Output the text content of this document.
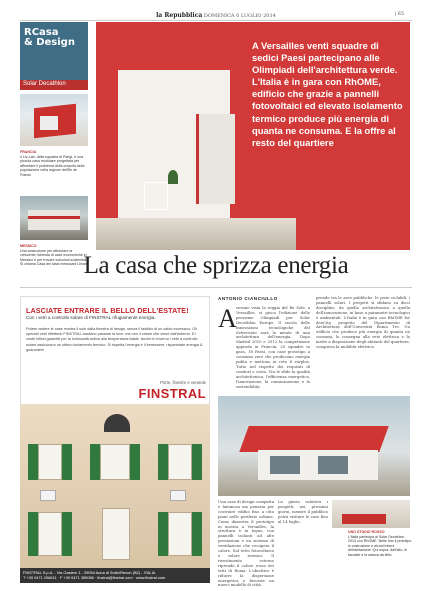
la Repubblica DOMENICA 6 LUGLIO 2014	| 65
RCasa
& Design
Solar Decathlon
FRANCIA
Il Liv-Lab, della squadra di Parigi, è una piccola casa modulare progettata per affrontare il problema della crescita della popolazione nella regione dell'Île de France
MESSICO
Una costruzione per affrontare la crescente richiesta di case economiche in Messico e per trovare soluzioni sostenibili. Si chiama Casa dei tassi messicani Umani
A Versailles venti squadre di sedici Paesi partecipano alle Olimpiadi dell'architettura verde. L'Italia è in gara con RhOME, edificio che grazie a pannelli fotovoltaici ed elevato isolamento termico produce più energia di quanta ne consuma. E la offre al resto del quartiere
La casa che sprizza energia
LASCIATE ENTRARE IL BELLO DELL'ESTATE!
Con i vetri a controllo solare di FINSTRAL rifugiamente energia.
Potete vedere le case mostra il sole dalla finestra di design, senza il fastidio di un caldo eccessivo. Gli speciali vetri riflettenti FINSTRAL lasciano passare la luce, ma non il calore che viene dall'esterno. E i vostri infissi garantiti per la luminosità estiva alla temperatura fatale. Anche in inverno i vetri a controllo solare assicurano un ottimo isolamento termico. Si rispetta l'energia e il benessere, risparmiate energia & guarantee!
Porte, finestre e verande
FINSTRAL
FINSTRAL S.p.A. - Via Gastern 1 - 39054 Auna di Sotto/Renon (BZ) - ITALIA
T +39 0471 296611 · F +39 0471 359086 · finstral@finstral.com · www.finstral.com
ANTONIO CIANCIULLO
A vevano vista la reggia del Re Sole, a Versailles, si gioca l'edizione delle prossime Olimpiadi per Solar Decathlon Europe. Il secolo delle innovazioni tecnologiche del Settecento sarà la mente di una architettura dell'energia. Dopo Madrid 2010 e 2012 la competizione approda in Francia: 20 squadre in gara, 16 Paesi, con case prototipo a consumo zero che producono energia pulita e mettono in rete il surplus. Tutto nel rispetto dei requisiti di comfort e costo. Tra le sfide la qualità architettonica, l'efficienza energetica, l'innovazione, la comunicazione e la sostenibilità.
prende tra le aree pubbliche, le piste ciclabili, i pannelli solari. I progetti si sfidano su dieci discipline, da quella architettonica a quella dell'innovazione, in base a parametri tecnologici e ambientali. L'Italia è in gara con RhOME for denCity, progetto del Dipartimento di Architettura dell'Università Roma Tre. Un edificio che produce più energia di quanta ne consumi, lo consegna alla rete elettrica e lo mette a disposizione degli abitanti del quartiere, compresa la mobilità elettrica.
Una casa di design compatta e luminosa ma pensata per costruire edifici fino a otto piani nelle periferie urbane. Come dimostra il prototipo in mostra a Versailles, la struttura è in legno, con pannelli isolanti ad alte prestazioni e un sistema di ventilazione che recupera il calore. Sul tetto fotovoltaico e solare termico. Il rivestimento esterno riprende il colore rosso dei tetti di Roma. L'obiettivo è ridurre la dispersione energetica e favorire un nuovo modello di città.
La giuria valuterà i progetti nei prossimi giorni, mentre il pubblico potrà visitare le case fino al 14 luglio.
UNO STUDIO ROSSO
L'Italia partecipa al Solar Decathlon 2014 con RhOME. Nelle foto il prototipo in costruzione e alcuni interni dell'abitazione. Qui sopra, dall'alto, le facciate e la stanza da letto
